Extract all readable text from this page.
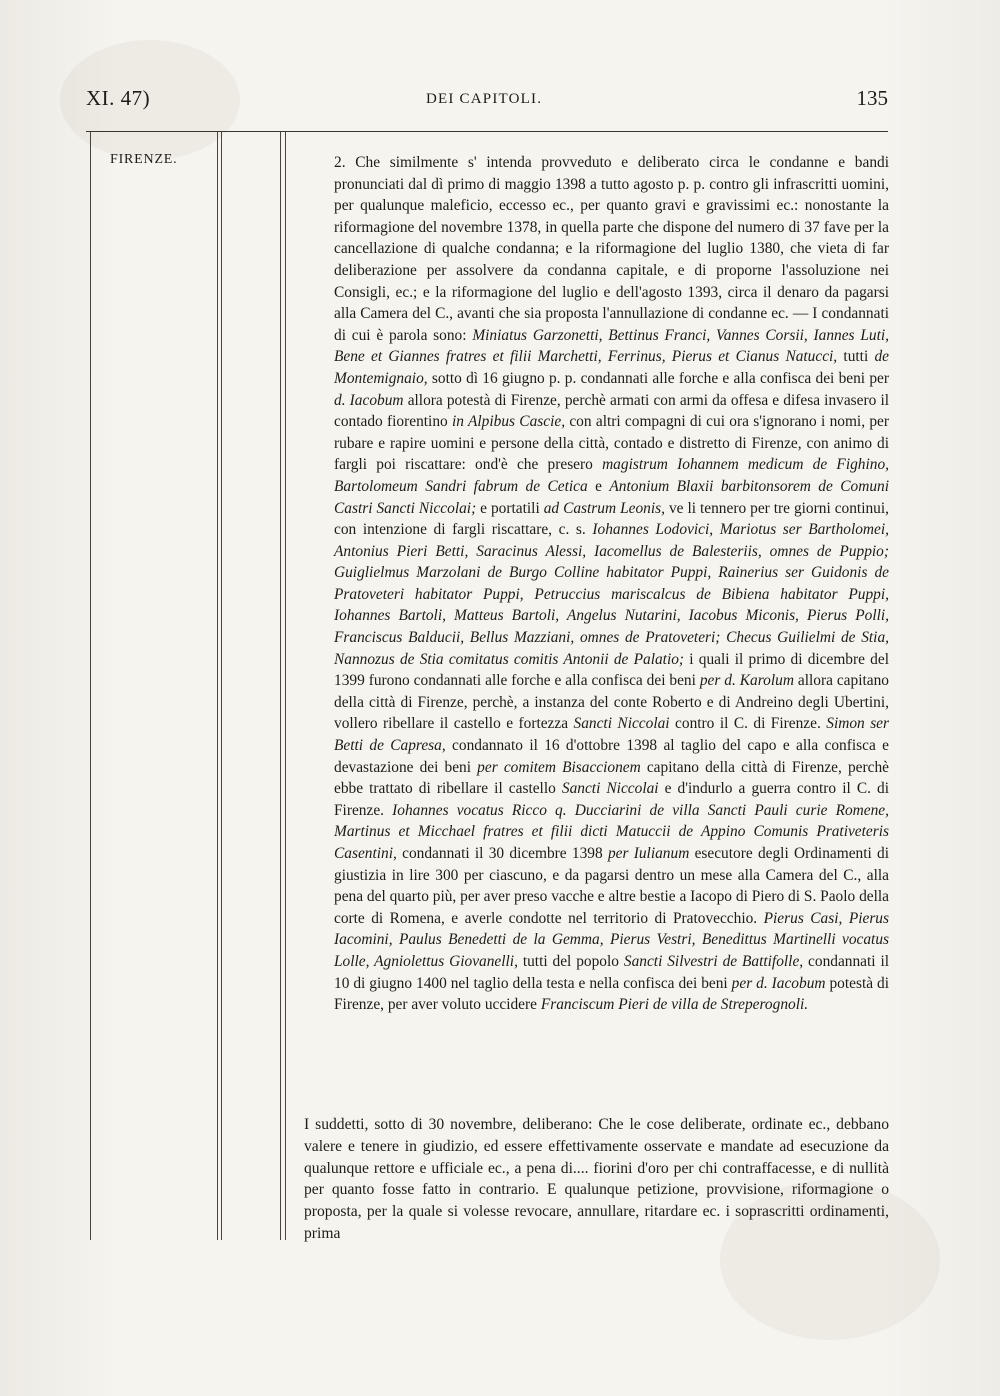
XI. 47)	DEI CAPITOLI.	135
FIRENZE.	2. Che similmente s' intenda provveduto e deliberato circa le condanne e bandi pronunciati dal dì primo di maggio 1398 a tutto agosto p. p. contro gli infrascritti uomini, per qualunque maleficio, eccesso ec., per quanto gravi e gravissimi ec.: nonostante la riformagione del novembre 1378, in quella parte che dispone del numero di 37 fave per la cancellazione di qualche condanna; e la riformagione del luglio 1380, che vieta di far deliberazione per assolvere da condanna capitale, e di proporne l'assoluzione nei Consigli, ec.; e la riformagione del luglio e dell'agosto 1393, circa il denaro da pagarsi alla Camera del C., avanti che sia proposta l'annullazione di condanne ec. — I condannati di cui è parola sono: Miniatus Garzonetti, Bettinus Franci, Vannes Corsii, Iannes Luti, Bene et Giannes fratres et filii Marchetti, Ferrinus, Pierus et Cianus Natucci, tutti de Montemignaio, sotto dì 16 giugno p. p. condannati alle forche e alla confisca dei beni per d. Iacobum allora potestà di Firenze, perchè armati con armi da offesa e difesa invasero il contado fiorentino in Alpibus Cascie, con altri compagni di cui ora s'ignorano i nomi, per rubare e rapire uomini e persone della città, contado e distretto di Firenze, con animo di fargli poi riscattare: ond'è che presero magistrum Iohannem medicum de Fighino, Bartolomeum Sandri fabrum de Cetica e Antonium Blaxii barbitonsorem de Comuni Castri Sancti Niccolai; e portatili ad Castrum Leonis, ve li tennero per tre giorni continui, con intenzione di fargli riscattare, c. s. Iohannes Lodovici, Mariotus ser Bartholomei, Antonius Pieri Betti, Saracinus Alessi, Iacomellus de Balesteriis, omnes de Puppio; Guiglielmus Marzolani de Burgo Colline habitator Puppi, Rainerius ser Guidonis de Pratoveteri habitator Puppi, Petruccius mariscalcus de Bibiena habitator Puppi, Iohannes Bartoli, Matteus Bartoli, Angelus Nutarini, Iacobus Miconis, Pierus Polli, Franciscus Balducii, Bellus Mazziani, omnes de Pratoveteri; Checus Guilielmi de Stia, Nannozus de Stia comitatus comitis Antonii de Palatio; i quali il primo di dicembre del 1399 furono condannati alle forche e alla confisca dei beni per d. Karolum allora capitano della città di Firenze, perchè, a instanza del conte Roberto e di Andreino degli Ubertini, vollero ribellare il castello e fortezza Sancti Niccolai contro il C. di Firenze. Simon ser Betti de Capresa, condannato il 16 d'ottobre 1398 al taglio del capo e alla confisca e devastazione dei beni per comitem Bisaccionem capitano della città di Firenze, perchè ebbe trattato di ribellare il castello Sancti Niccolai e d'indurlo a guerra contro il C. di Firenze. Iohannes vocatus Ricco q. Ducciarini de villa Sancti Pauli curie Romene, Martinus et Micchael fratres et filii dicti Matuccii de Appino Comunis Prativeteris Casentini, condannati il 30 dicembre 1398 per Iulianum esecutore degli Ordinamenti di giustizia in lire 300 per ciascuno, e da pagarsi dentro un mese alla Camera del C., alla pena del quarto più, per aver preso vacche e altre bestie a Iacopo di Piero di S. Paolo della corte di Romena, e averle condotte nel territorio di Pratovecchio. Pierus Casi, Pierus Iacomini, Paulus Benedetti de la Gemma, Pierus Vestri, Benedittus Martinelli vocatus Lolle, Agniolettus Giovanelli, tutti del popolo Sancti Silvestri de Battifolle, condannati il 10 di giugno 1400 nel taglio della testa e nella confisca dei beni per d. Iacobum potestà di Firenze, per aver voluto uccidere Franciscum Pieri de villa de Streperognoli.
I suddetti, sotto di 30 novembre, deliberano: Che le cose deliberate, ordinate ec., debbano valere e tenere in giudizio, ed essere effettivamente osservate e mandate ad esecuzione da qualunque rettore e ufficiale ec., a pena di.... fiorini d'oro per chi contraffacesse, e di nullità per quanto fosse fatto in contrario. E qualunque petizione, provvisione, riformagione o proposta, per la quale si volesse revocare, annullare, ritardare ec. i soprascritti ordinamenti, prima
